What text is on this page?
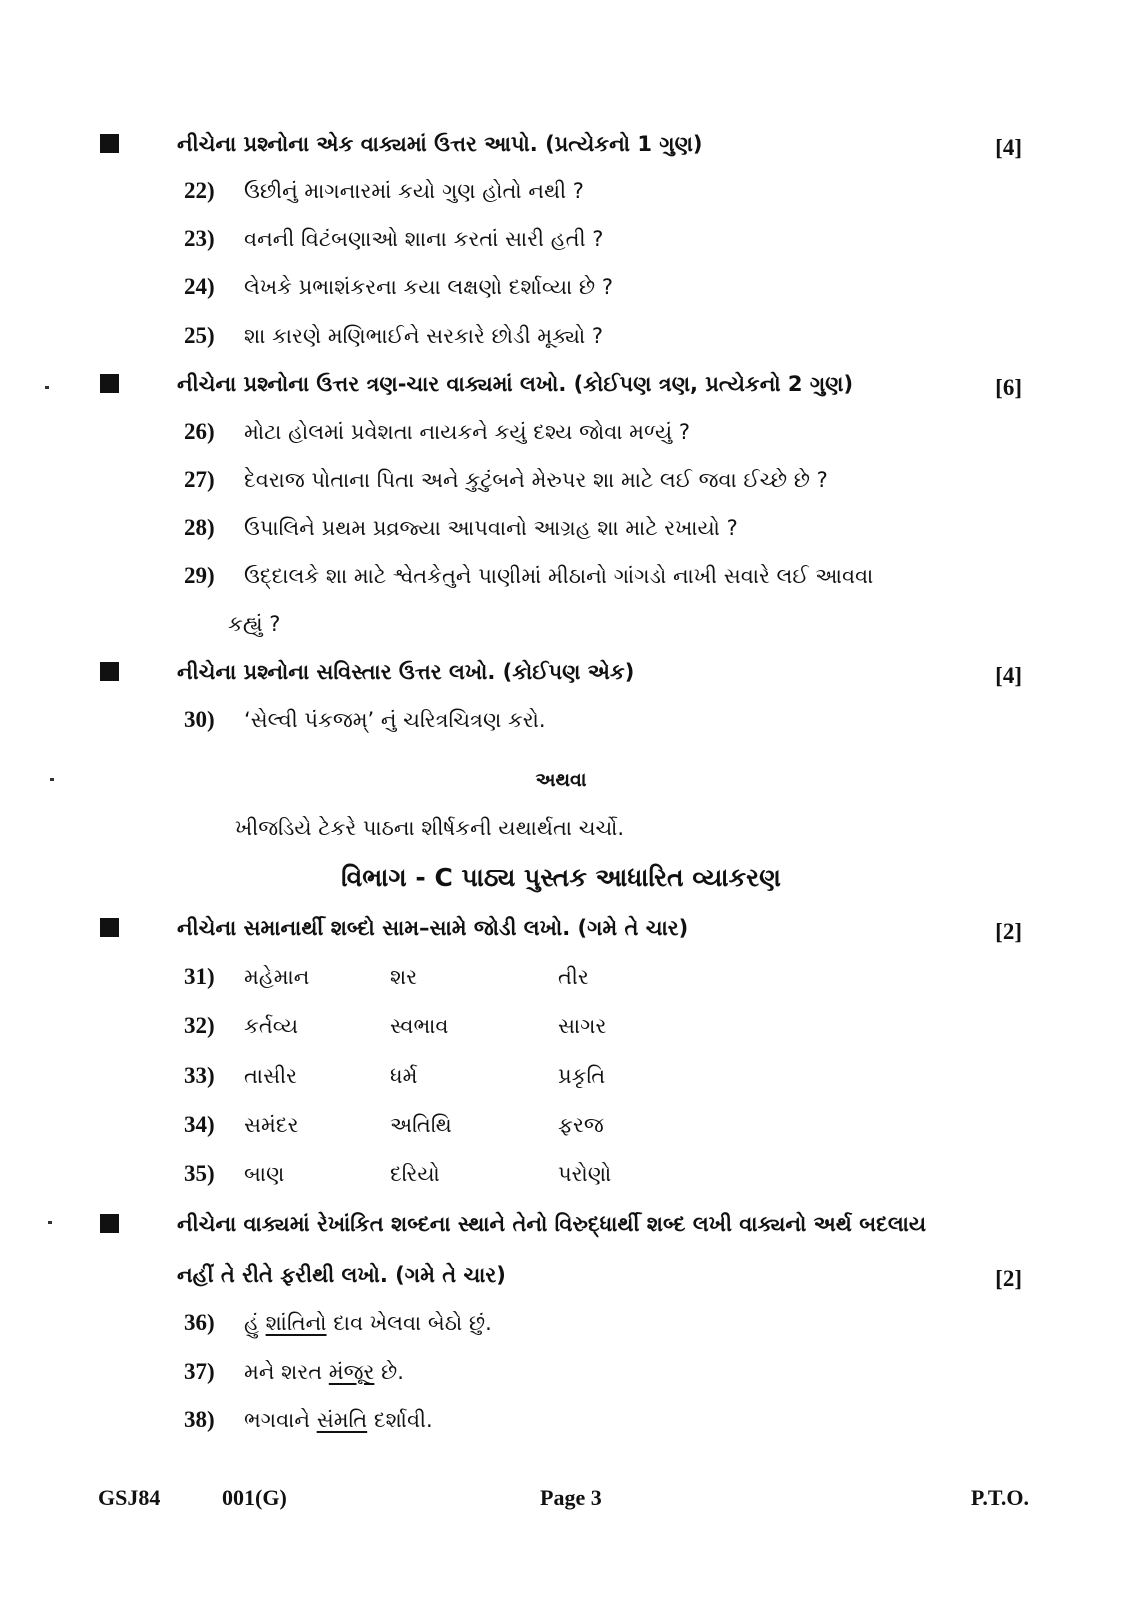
નીચેના પ્રશ્નોના એક વાક્યમાં ઉત્તર આપો. (પ્રત્યેકનો 1 ગુણ)	[4]
22) ઉછીનું માગનારમાં કયો ગુણ હોતો નથી ?
23) વનની વિટંબણાઓ શાના કરતાં સારી હતી ?
24) લેખકે પ્રભાશંકરના કયા લક્ષણો દર્શાવ્યા છે ?
25) શા કારણે મણિભાઈને સરકારે છોડી મૂક્યો ?
નીચેના પ્રશ્નોના ઉત્તર ત્રણ-ચાર વાક્યમાં લખો. (કોઈપણ ત્રણ, પ્રત્યેકનો 2 ગુણ)	[6]
26) મોટા હોલમાં પ્રવેશતા નાયકને કયું દશ્ય જોવા મળ્યું ?
27) દેવરાજ પોતાના પિતા અને કુટુંબને મેરુપર શા માટે લઈ જવા ઈચ્છે છે ?
28) ઉપાલિને પ્રથમ પ્રવ્રજ્યા આપવાનો આગ્રહ શા માટે રખાયો ?
29) ઉદ્દાલકે શા માટે શ્વેતકેતુને પાણીમાં મીઠાનો ગાંગડો નાખી સવારે લઈ આવવા
કહ્યું ?
નીચેના પ્રશ્નોના સવિસ્તાર ઉત્તર લખો. (કોઈપણ એક)	[4]
30) ‘સેલ્વી પંકજમ્’ નું ચરિત્રચિત્રણ કરો.
અથવા
ખીજડિયે ટેકરે પાઠના શીર્ષકની યથાર્થતા ચર્ચો.
વિભાગ - C પાઠ્ય પુસ્તક આધારિત વ્યાકરણ
નીચેના સમાનાર્થી શબ્દો સામ–સામે જોડી લખો. (ગમે તે ચાર)	[2]
31) મહેમાન	શર	તીર
32) કર્તવ્ય	સ્વભાવ	સાગર
33) તાસીર	ધર્મ	પ્રકૃતિ
34) સમંદર	અતિથિ	ફરજ
35) બાણ	દરિયો	પરોણો
નીચેના વાક્યમાં રેખાંકિત શબ્દના સ્થાને તેનો વિરુદ્ધાર્થી શબ્દ લખી વાક્યનો અર્થ બદલાય
નહીં તે રીતે ફરીથી લખો. (ગમે તે ચાર)	[2]
36) હું શાંતિનો દાવ ખેલવા બેઠો છું.
37) મને શરત મંજૂર છે.
38) ભગવાને સંમતિ દર્શાવી.
GSJ84	001(G)	Page 3	P.T.O.
